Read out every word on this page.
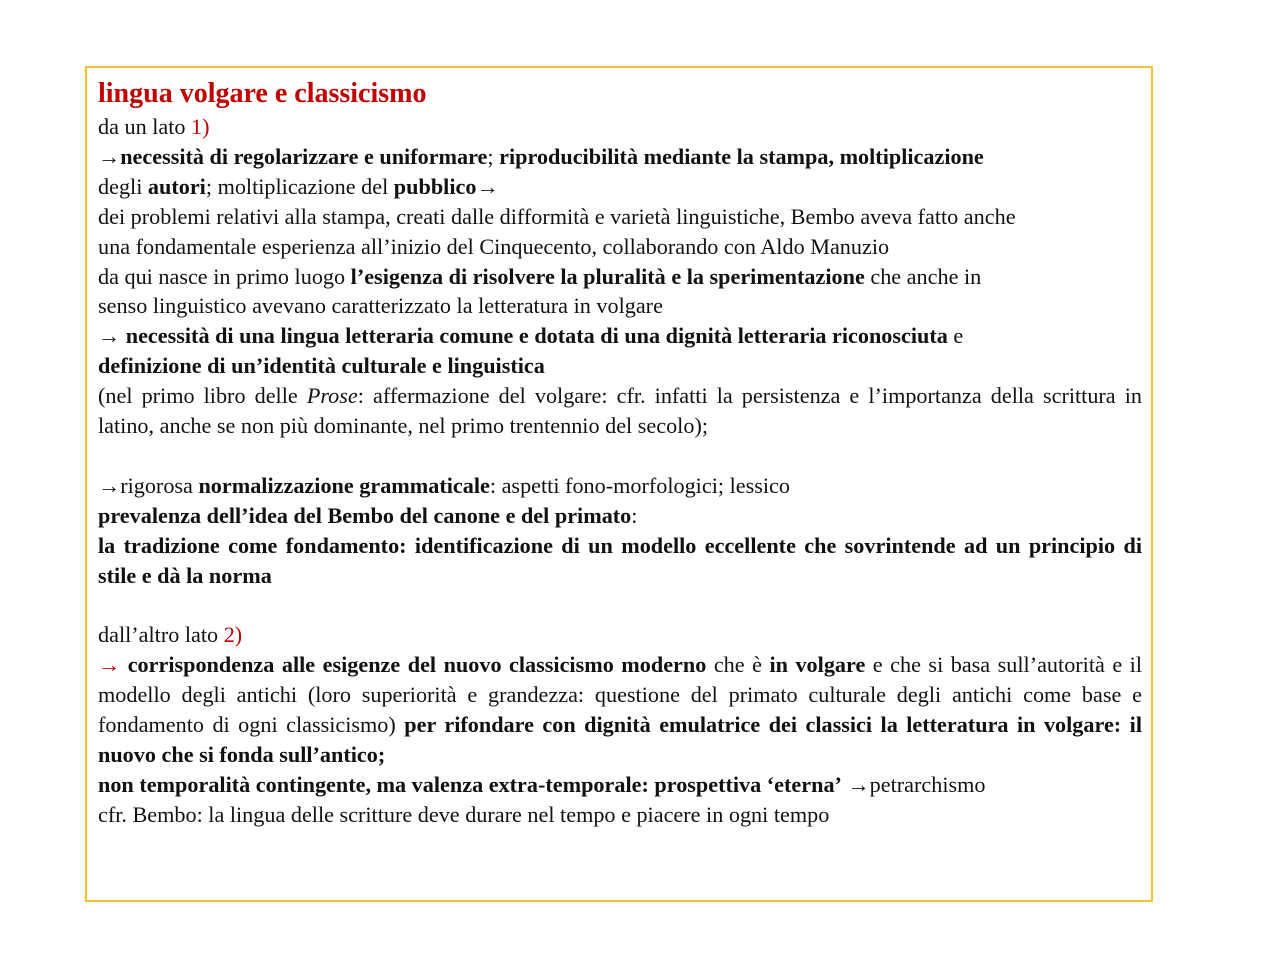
lingua volgare e classicismo

da un lato 1)

→necessità di regolarizzare e uniformare; riproducibilità mediante la stampa, moltiplicazione

degli autori; moltiplicazione del pubblico→

dei problemi relativi alla stampa, creati dalle difformità e varietà linguistiche, Bembo aveva fatto anche

una fondamentale esperienza all’inizio del Cinquecento, collaborando con Aldo Manuzio

da qui nasce in primo luogo l’esigenza di risolvere la pluralità e la sperimentazione che anche in

senso linguistico avevano caratterizzato la letteratura in volgare

→ necessità di una lingua letteraria comune e dotata di una dignità letteraria riconosciuta e

definizione di un’identità culturale e linguistica

(nel primo libro delle Prose: affermazione del volgare: cfr. infatti la persistenza e l’importanza della scrittura in latino, anche se non più dominante, nel primo trentennio del secolo);

→rigorosa normalizzazione grammaticale: aspetti fono-morfologici; lessico

prevalenza dell’idea del Bembo del canone e del primato:

la tradizione come fondamento: identificazione di un modello eccellente che sovrintende ad un principio di stile e dà la norma

dall’altro lato 2)

→ corrispondenza alle esigenze del nuovo classicismo moderno che è in volgare e che si basa sull’autorità e il modello degli antichi (loro superiorità e grandezza: questione del primato culturale degli antichi come base e fondamento di ogni classicismo) per rifondare con dignità emulatrice dei classici la letteratura in volgare: il nuovo che si fonda sull’antico;

non temporalità contingente, ma valenza extra-temporale: prospettiva ‘eterna’ →petrarchismo

cfr. Bembo: la lingua delle scritture deve durare nel tempo e piacere in ogni tempo
